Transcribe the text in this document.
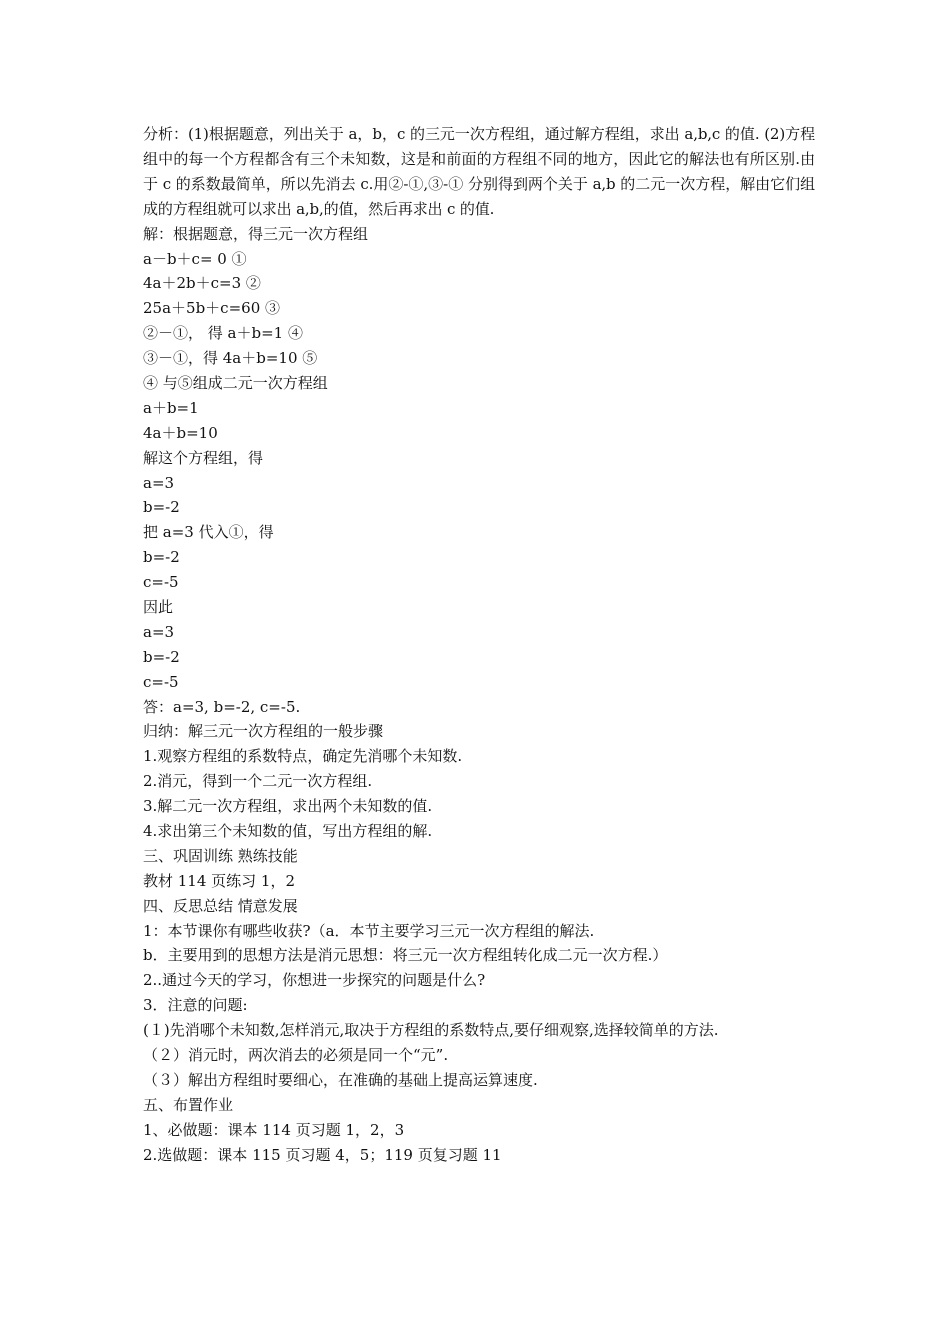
分析：(1)根据题意，列出关于 a，b，c 的三元一次方程组，通过解方程组，求出 a,b,c 的值. (2)方程组中的每一个方程都含有三个未知数，这是和前面的方程组不同的地方，因此它的解法也有所区别.由于 c 的系数最简单，所以先消去 c.用②-①,③-① 分别得到两个关于 a,b 的二元一次方程，解由它们组成的方程组就可以求出 a,b,的值，然后再求出 c 的值.
解：根据题意，得三元一次方程组
a－b＋c= 0 ①
4a＋2b＋c=3 ②
25a＋5b＋c=60 ③
②－①， 得 a＋b=1 ④
③－①，得 4a＋b=10 ⑤
④ 与⑤组成二元一次方程组
a＋b=1
4a＋b=10
解这个方程组，得
a=3
b=-2
把 a=3 代入①，得
b=-2
c=-5
因此
a=3
b=-2
c=-5
答：a=3, b=-2, c=-5.
归纳：解三元一次方程组的一般步骤
1.观察方程组的系数特点，确定先消哪个未知数.
2.消元，得到一个二元一次方程组.
3.解二元一次方程组，求出两个未知数的值.
4.求出第三个未知数的值，写出方程组的解.
三、巩固训练 熟练技能
教材 114 页练习 1，2
四、反思总结 情意发展
1：本节课你有哪些收获?（a．本节主要学习三元一次方程组的解法.
b．主要用到的思想方法是消元思想：将三元一次方程组转化成二元一次方程.）
2..通过今天的学习，你想进一步探究的问题是什么?
3．注意的问题:
(１)先消哪个未知数,怎样消元,取决于方程组的系数特点,要仔细观察,选择较简单的方法.
（２）消元时，两次消去的必须是同一个“元”.
（３）解出方程组时要细心，在准确的基础上提高运算速度.
五、布置作业
1、必做题：课本 114 页习题 1，2，3
2.选做题：课本 115 页习题 4，5；119 页复习题 11
